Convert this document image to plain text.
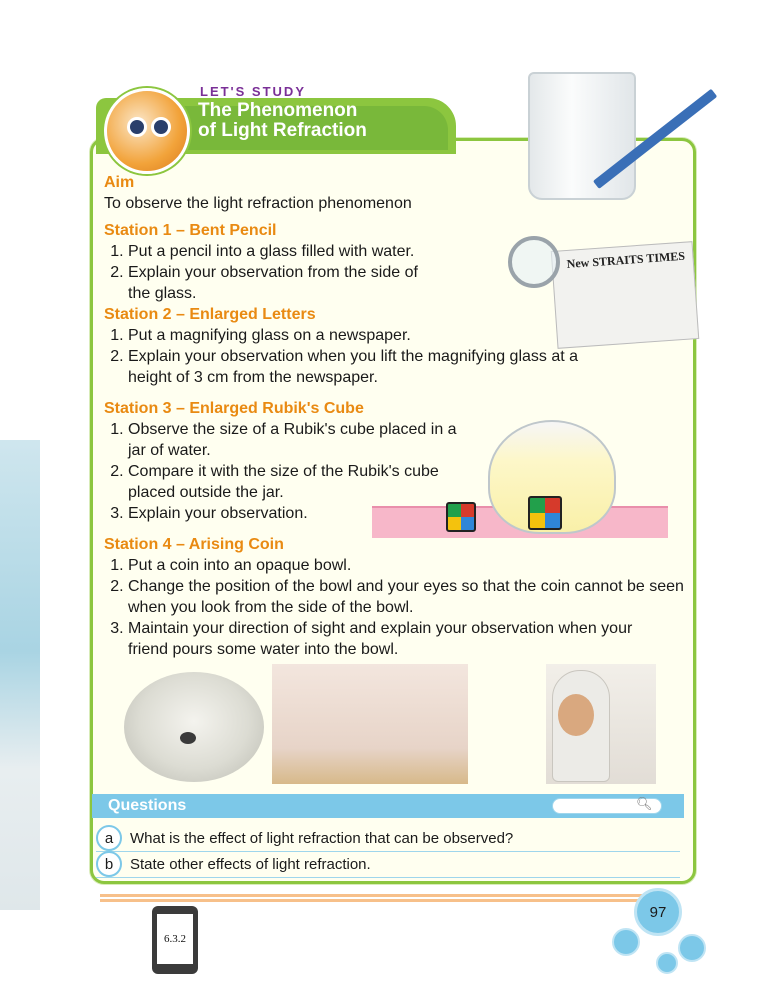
LET'S STUDY
The Phenomenon
of Light Refraction
New STRAITS TIMES
Aim

To observe the light refraction phenomenon

Station 1 – Bent Pencil
1. Put a pencil into a glass filled with water.
2. Explain your observation from the side of the glass.
Station 2 – Enlarged Letters
1. Put a magnifying glass on a newspaper.
2. Explain your observation when you lift the magnifying glass at a height of 3 cm from the newspaper.
Station 3 – Enlarged Rubik's Cube
1. Observe the size of a Rubik's cube placed in a jar of water.
2. Compare it with the size of the Rubik's cube placed outside the jar.
3. Explain your observation.
Station 4 – Arising Coin
1. Put a coin into an opaque bowl.
2. Change the position of the bowl and your eyes so that the coin cannot be seen when you look from the side of the bowl.
3. Maintain your direction of sight and explain your observation when your friend pours some water into the bowl.
Questions	🔍︎
a	What is the effect of light refraction that can be observed?
b	State other effects of light refraction.
6.3.2
97
